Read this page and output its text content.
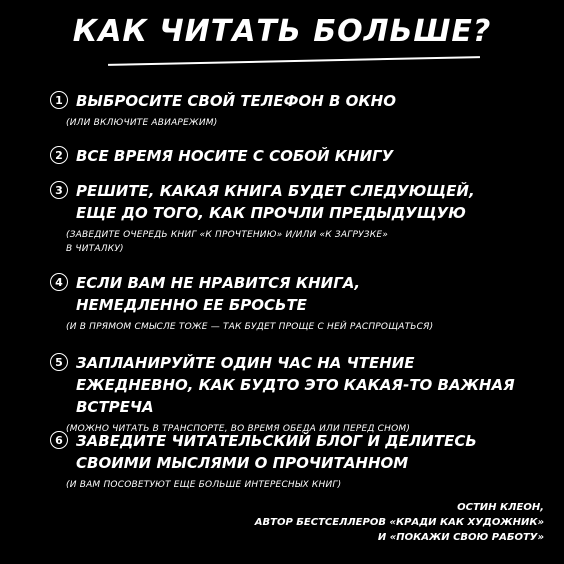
КАК ЧИТАТЬ БОЛЬШЕ?
1 ВЫБРОСИТЕ СВОЙ ТЕЛЕФОН В ОКНО
(ИЛИ ВКЛЮЧИТЕ АВИАРЕЖИМ)
2 ВСЕ ВРЕМЯ НОСИТЕ С СОБОЙ КНИГУ
3 РЕШИТЕ, КАКАЯ КНИГА БУДЕТ СЛЕДУЮЩЕЙ,
ЕЩЕ ДО ТОГО, КАК ПРОЧЛИ ПРЕДЫДУЩУЮ
(ЗАВЕДИТЕ ОЧЕРЕДЬ КНИГ «К ПРОЧТЕНИЮ» И/ИЛИ «К ЗАГРУЗКЕ»
В ЧИТАЛКУ)
4 ЕСЛИ ВАМ НЕ НРАВИТСЯ КНИГА,
НЕМЕДЛЕННО ЕЕ БРОСЬТЕ
(И В ПРЯМОМ СМЫСЛЕ ТОЖЕ — ТАК БУДЕТ ПРОЩЕ С НЕЙ РАСПРОЩАТЬСЯ)
5 ЗАПЛАНИРУЙТЕ ОДИН ЧАС НА ЧТЕНИЕ
ЕЖЕДНЕВНО, КАК БУДТО ЭТО КАКАЯ-ТО ВАЖНАЯ ВСТРЕЧА
(МОЖНО ЧИТАТЬ В ТРАНСПОРТЕ, ВО ВРЕМЯ ОБЕДА ИЛИ ПЕРЕД СНОМ)
6 ЗАВЕДИТЕ ЧИТАТЕЛЬСКИЙ БЛОГ И ДЕЛИТЕСЬ
СВОИМИ МЫСЛЯМИ О ПРОЧИТАННОМ
(И ВАМ ПОСОВЕТУЮТ ЕЩЕ БОЛЬШЕ ИНТЕРЕСНЫХ КНИГ)
ОСТИН КЛЕОН,
АВТОР БЕСТСЕЛЛЕРОВ «КРАДИ КАК ХУДОЖНИК»
И «ПОКАЖИ СВОЮ РАБОТУ»
